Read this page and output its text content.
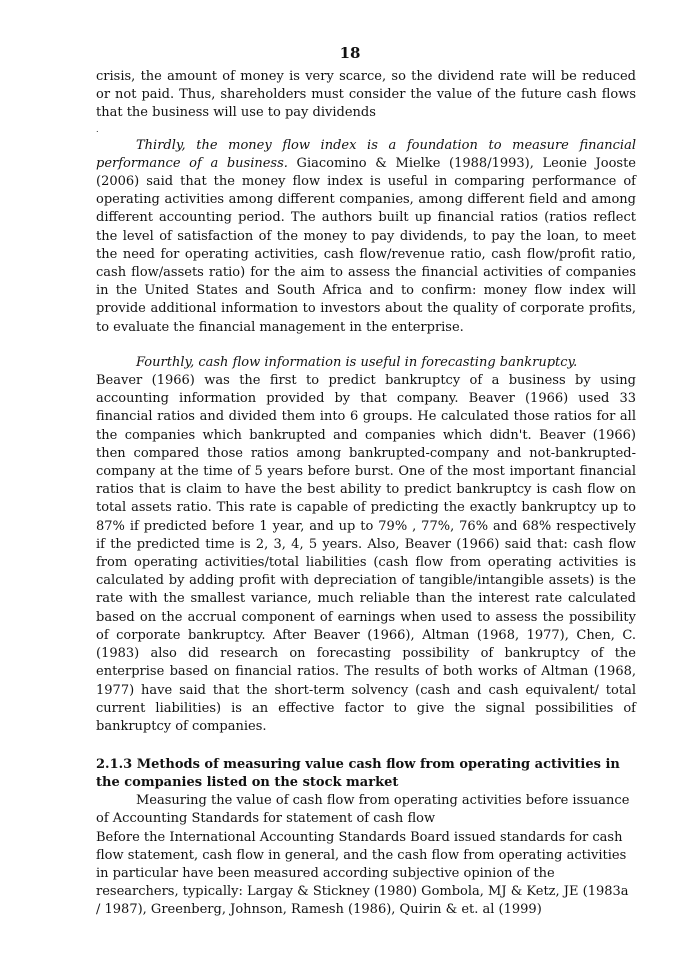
18

crisis, the amount of money is very scarce, so the dividend rate will be reduced or not paid. Thus, shareholders must consider the value of the future cash flows that the business will use to pay dividends

.

Thirdly, the money flow index is a foundation to measure financial performance of a business. Giacomino & Mielke (1988/1993), Leonie Jooste (2006) said that the money flow index is useful in comparing performance of operating activities among different companies, among different field and among different accounting period. The authors built up financial ratios (ratios reflect the level of satisfaction of the money to pay dividends, to pay the loan, to meet the need for operating activities, cash flow/revenue ratio, cash flow/profit ratio, cash flow/assets ratio) for the aim to assess the financial activities of companies in the United States and South Africa and to confirm: money flow index will provide additional information to investors about the quality of corporate profits, to evaluate the financial management in the enterprise.

Fourthly, cash flow information is useful in forecasting bankruptcy.

Beaver (1966) was the first to predict bankruptcy of a business by using accounting information provided by that company. Beaver (1966) used 33 financial ratios and divided them into 6 groups. He calculated those ratios for all the companies which bankrupted and companies which didn't. Beaver (1966) then compared those ratios among bankrupted-company and not-bankrupted-company at the time of 5 years before burst. One of the most important financial ratios that is claim to have the best ability to predict bankruptcy is cash flow on total assets ratio. This rate is capable of predicting the exactly bankruptcy up to 87% if predicted before 1 year, and up to 79% , 77%, 76% and 68% respectively if the predicted time is 2, 3, 4, 5 years. Also, Beaver (1966) said that: cash flow from operating activities/total liabilities (cash flow from operating activities is calculated by adding profit with depreciation of tangible/intangible assets) is the rate with the smallest variance, much reliable than the interest rate calculated based on the accrual component of earnings when used to assess the possibility of corporate bankruptcy. After Beaver (1966), Altman (1968, 1977), Chen, C. (1983) also did research on forecasting possibility of bankruptcy of the enterprise based on financial ratios. The results of both works of Altman (1968, 1977) have said that the short-term solvency (cash and cash equivalent/ total current liabilities) is an effective factor to give the signal possibilities of bankruptcy of companies.

2.1.3 Methods of measuring value cash flow from operating activities in the companies listed on the stock market

Measuring the value of cash flow from operating activities before issuance of Accounting Standards for statement of cash flow

Before the International Accounting Standards Board issued standards for cash flow statement, cash flow in general, and the cash flow from operating activities in particular have been measured according subjective opinion of the researchers, typically: Largay & Stickney (1980) Gombola, MJ & Ketz, JE (1983a / 1987), Greenberg, Johnson, Ramesh (1986), Quirin & et. al (1999)
